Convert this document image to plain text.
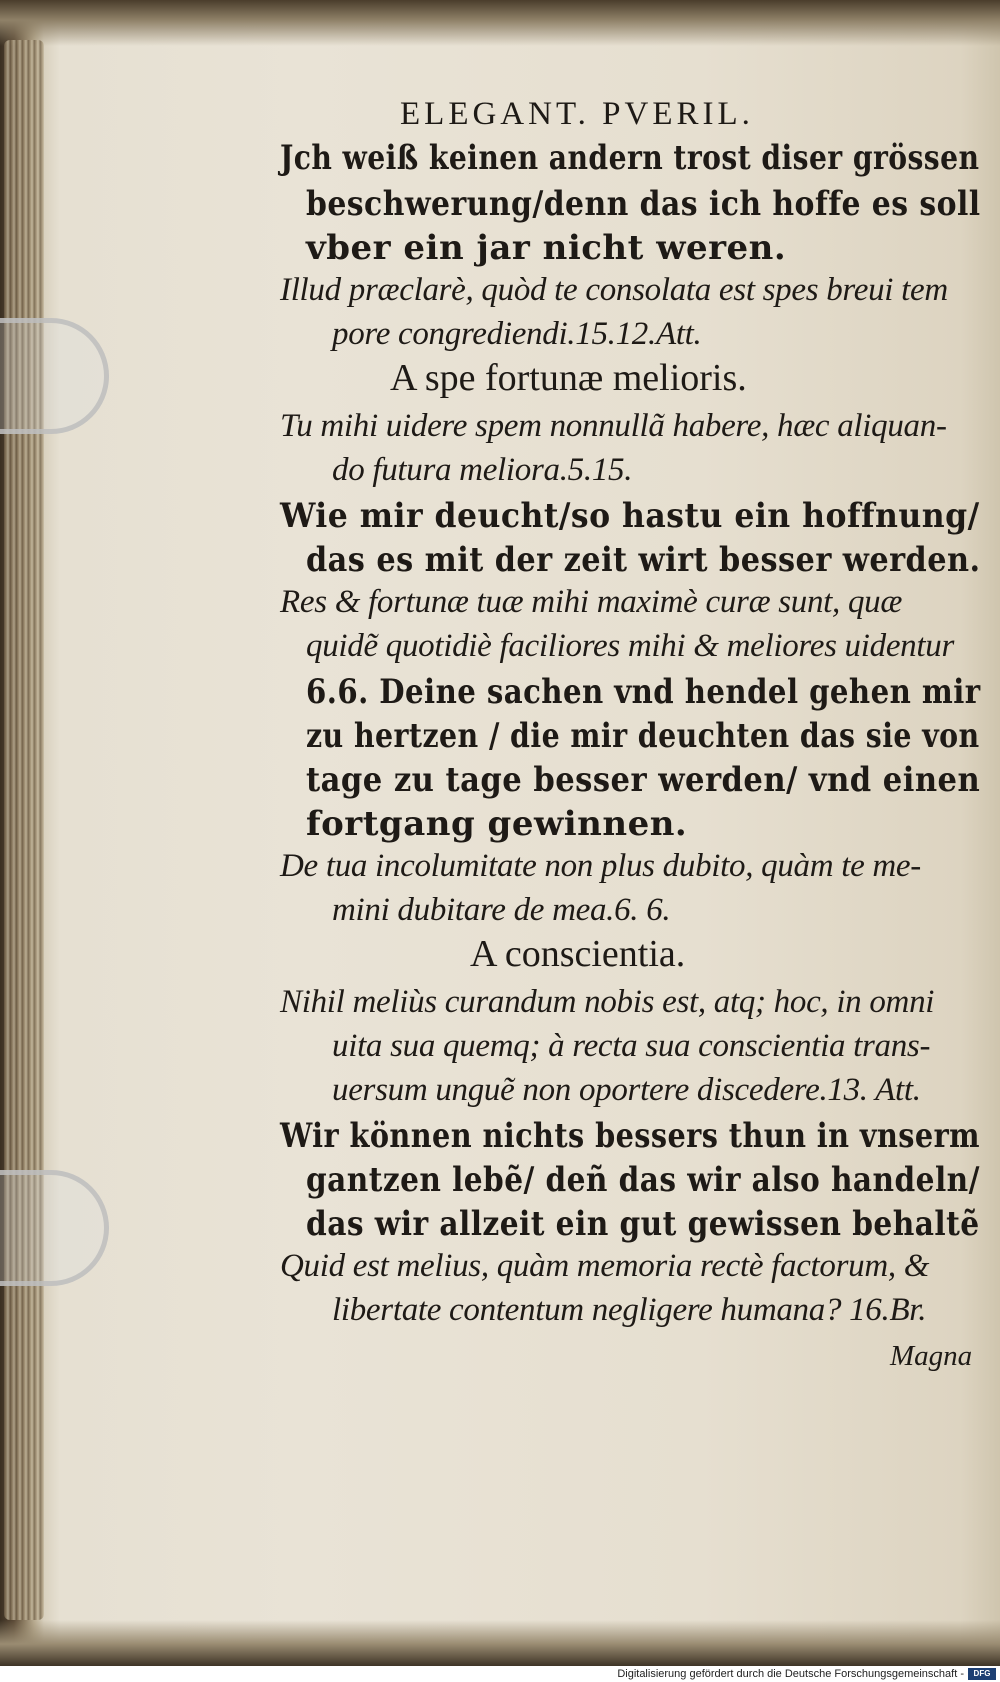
ELEGANT. PVERIL.
Jch weiß keinen andern trost diser grössen
beschwerung/denn das ich hoffe es soll
vber ein jar nicht weren.
Illud præclarè, quòd te consolata est spes breui tem
pore congrediendi.15.12.Att.
A spe fortunæ melioris.
Tu mihi uidere spem nonnullã habere, hæc aliquan-
do futura meliora.5.15.
Wie mir deucht/so hastu ein hoffnung/
das es mit der zeit wirt besser werden.
Res & fortunæ tuæ mihi maximè curæ sunt, quæ
quidẽ quotidiè faciliores mihi & meliores uidentur
6.6. Deine sachen vnd hendel gehen mir
zu hertzen / die mir deuchten das sie von
tage zu tage besser werden/ vnd einen
fortgang gewinnen.
De tua incolumitate non plus dubito, quàm te me-
mini dubitare de mea.6. 6.
A conscientia.
Nihil meliùs curandum nobis est, atq; hoc, in omni
uita sua quemq; à recta sua conscientia trans-
uersum unguẽ non oportere discedere.13. Att.
Wir können nichts bessers thun in vnserm
gantzen lebẽ/ deñ das wir also handeln/
das wir allzeit ein gut gewissen behaltẽ
Quid est melius, quàm memoria rectè factorum, &
libertate contentum negligere humana? 16.Br.
Magna
Digitalisierung gefördert durch die Deutsche Forschungsgemeinschaft -	DFG
